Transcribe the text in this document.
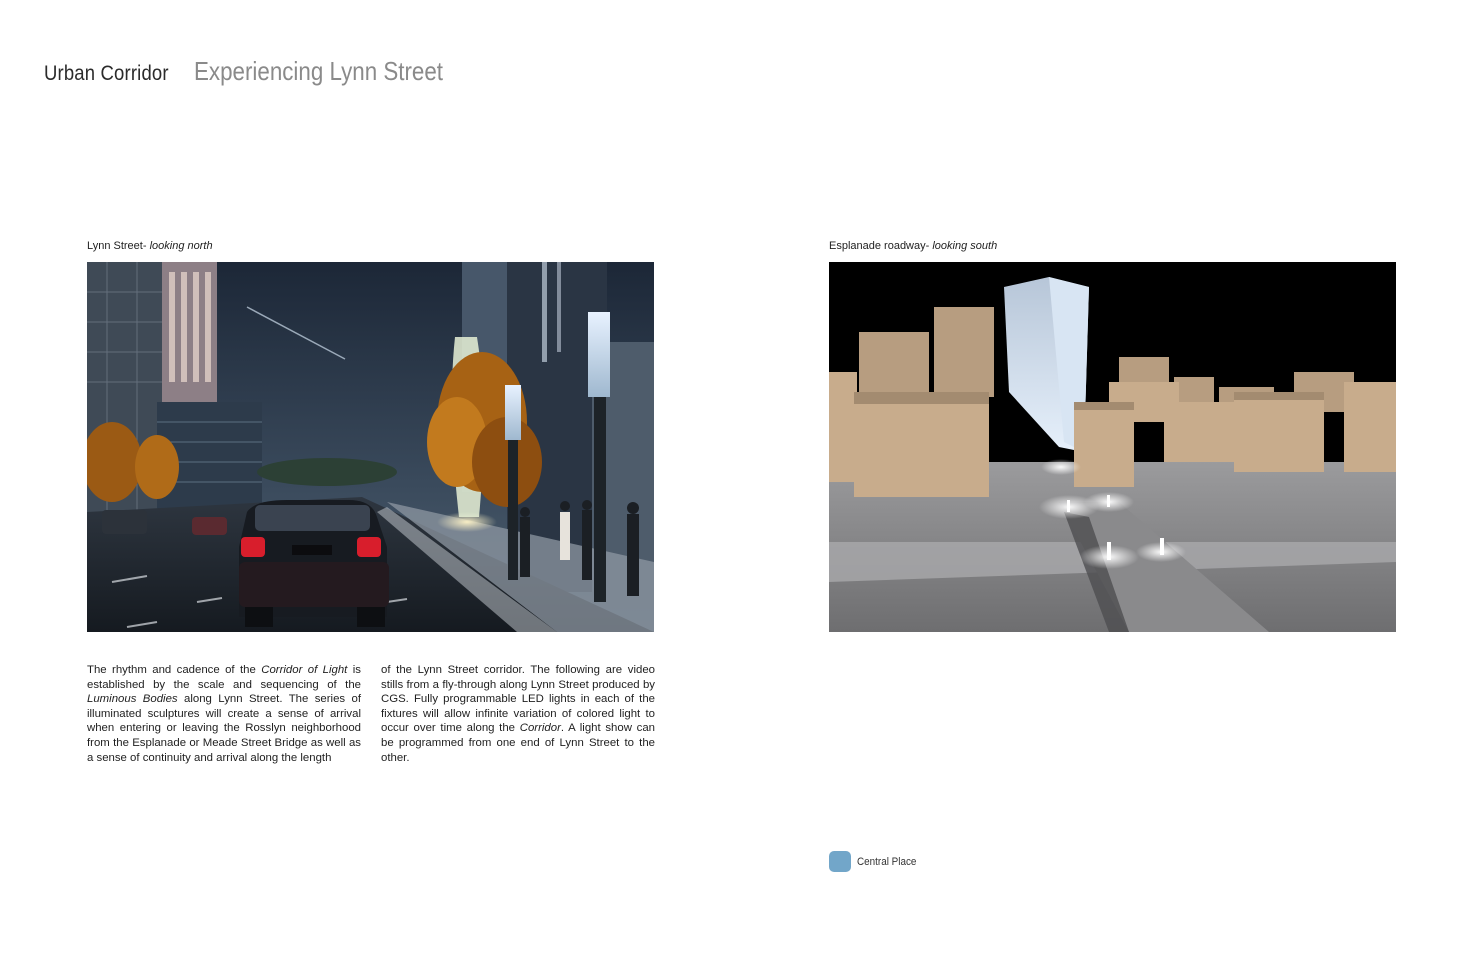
Urban Corridor Experiencing Lynn Street
Lynn Street- looking north	Esplanade roadway- looking south
The rhythm and cadence of the Corridor of Light is established by the scale and sequencing of the Luminous Bodies along Lynn Street. The series of illuminated sculptures will create a sense of arrival when entering or leaving the Rosslyn neighborhood from the Esplanade or Meade Street Bridge as well as a sense of continuity and arrival along the length
of the Lynn Street corridor. The following are video stills from a fly-through along Lynn Street produced by CGS. Fully programmable LED lights in each of the fixtures will allow infinite variation of colored light to occur over time along the Corridor. A light show can be programmed from one end of Lynn Street to the other.
Central Place
